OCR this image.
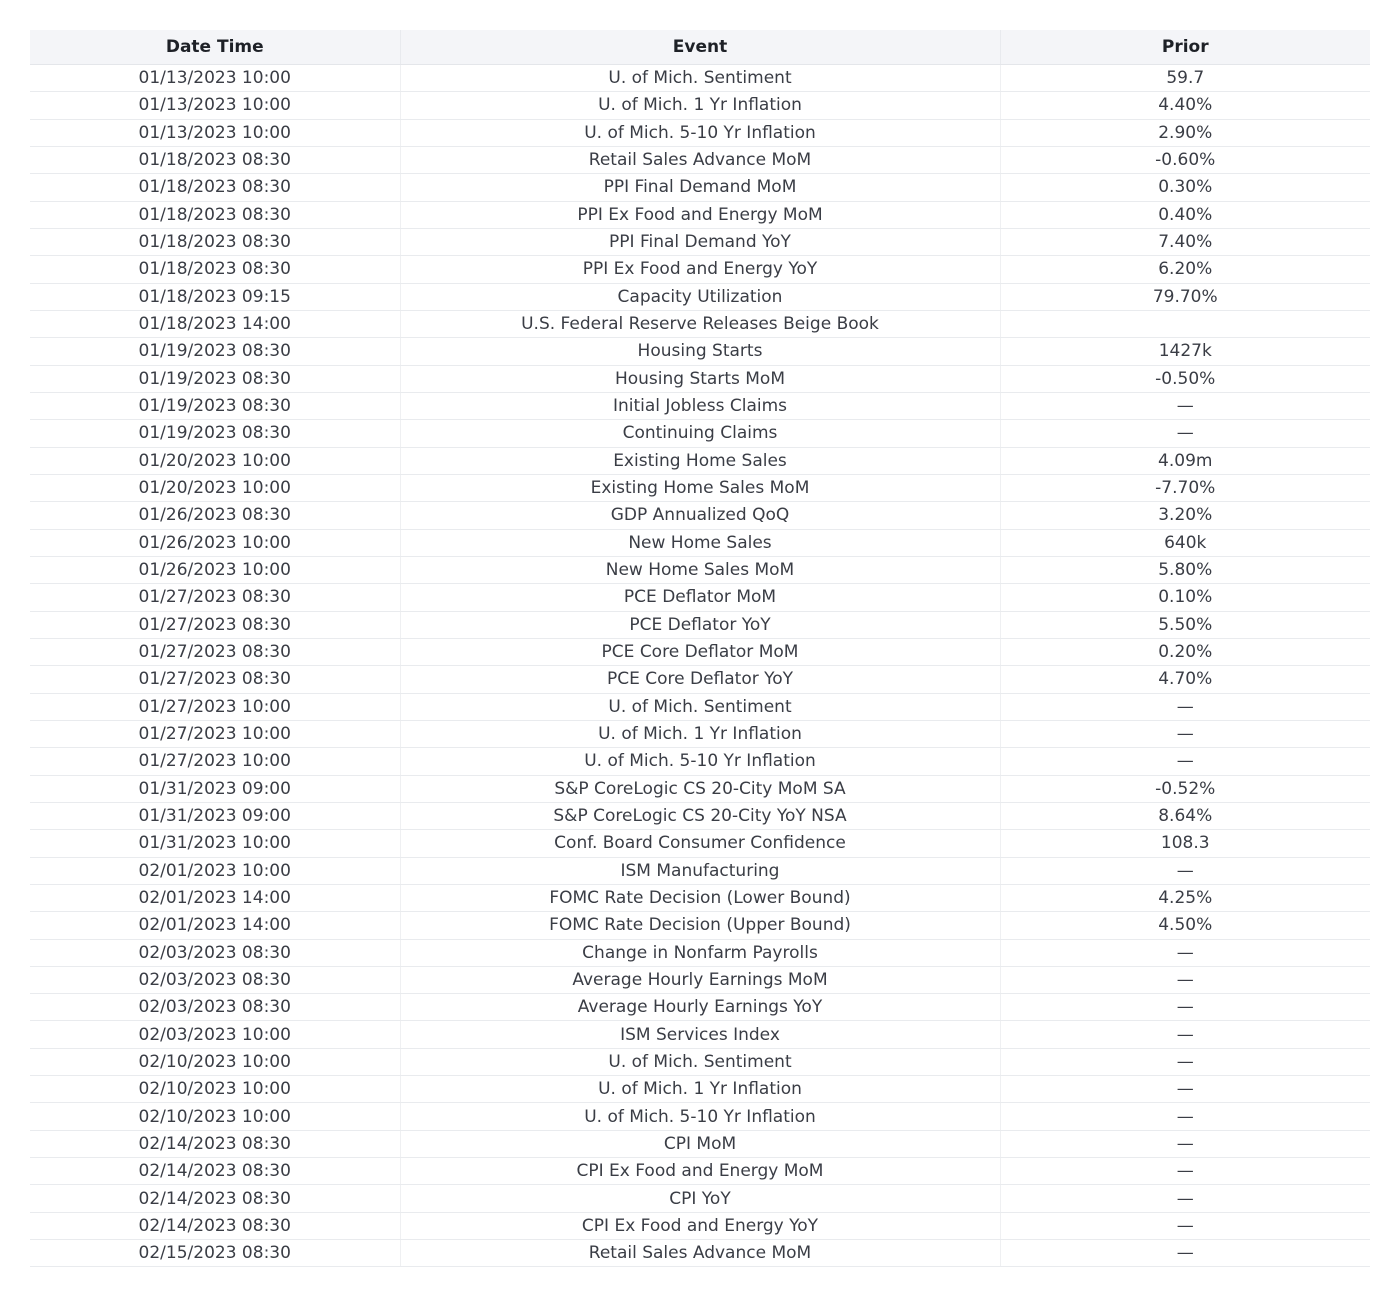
Date Time	Event	Prior
01/13/2023 10:00	U. of Mich. Sentiment	59.7
01/13/2023 10:00	U. of Mich. 1 Yr Inflation	4.40%
01/13/2023 10:00	U. of Mich. 5-10 Yr Inflation	2.90%
01/18/2023 08:30	Retail Sales Advance MoM	-0.60%
01/18/2023 08:30	PPI Final Demand MoM	0.30%
01/18/2023 08:30	PPI Ex Food and Energy MoM	0.40%
01/18/2023 08:30	PPI Final Demand YoY	7.40%
01/18/2023 08:30	PPI Ex Food and Energy YoY	6.20%
01/18/2023 09:15	Capacity Utilization	79.70%
01/18/2023 14:00	U.S. Federal Reserve Releases Beige Book	
01/19/2023 08:30	Housing Starts	1427k
01/19/2023 08:30	Housing Starts MoM	-0.50%
01/19/2023 08:30	Initial Jobless Claims	—
01/19/2023 08:30	Continuing Claims	—
01/20/2023 10:00	Existing Home Sales	4.09m
01/20/2023 10:00	Existing Home Sales MoM	-7.70%
01/26/2023 08:30	GDP Annualized QoQ	3.20%
01/26/2023 10:00	New Home Sales	640k
01/26/2023 10:00	New Home Sales MoM	5.80%
01/27/2023 08:30	PCE Deflator MoM	0.10%
01/27/2023 08:30	PCE Deflator YoY	5.50%
01/27/2023 08:30	PCE Core Deflator MoM	0.20%
01/27/2023 08:30	PCE Core Deflator YoY	4.70%
01/27/2023 10:00	U. of Mich. Sentiment	—
01/27/2023 10:00	U. of Mich. 1 Yr Inflation	—
01/27/2023 10:00	U. of Mich. 5-10 Yr Inflation	—
01/31/2023 09:00	S&P CoreLogic CS 20-City MoM SA	-0.52%
01/31/2023 09:00	S&P CoreLogic CS 20-City YoY NSA	8.64%
01/31/2023 10:00	Conf. Board Consumer Confidence	108.3
02/01/2023 10:00	ISM Manufacturing	—
02/01/2023 14:00	FOMC Rate Decision (Lower Bound)	4.25%
02/01/2023 14:00	FOMC Rate Decision (Upper Bound)	4.50%
02/03/2023 08:30	Change in Nonfarm Payrolls	—
02/03/2023 08:30	Average Hourly Earnings MoM	—
02/03/2023 08:30	Average Hourly Earnings YoY	—
02/03/2023 10:00	ISM Services Index	—
02/10/2023 10:00	U. of Mich. Sentiment	—
02/10/2023 10:00	U. of Mich. 1 Yr Inflation	—
02/10/2023 10:00	U. of Mich. 5-10 Yr Inflation	—
02/14/2023 08:30	CPI MoM	—
02/14/2023 08:30	CPI Ex Food and Energy MoM	—
02/14/2023 08:30	CPI YoY	—
02/14/2023 08:30	CPI Ex Food and Energy YoY	—
02/15/2023 08:30	Retail Sales Advance MoM	—
